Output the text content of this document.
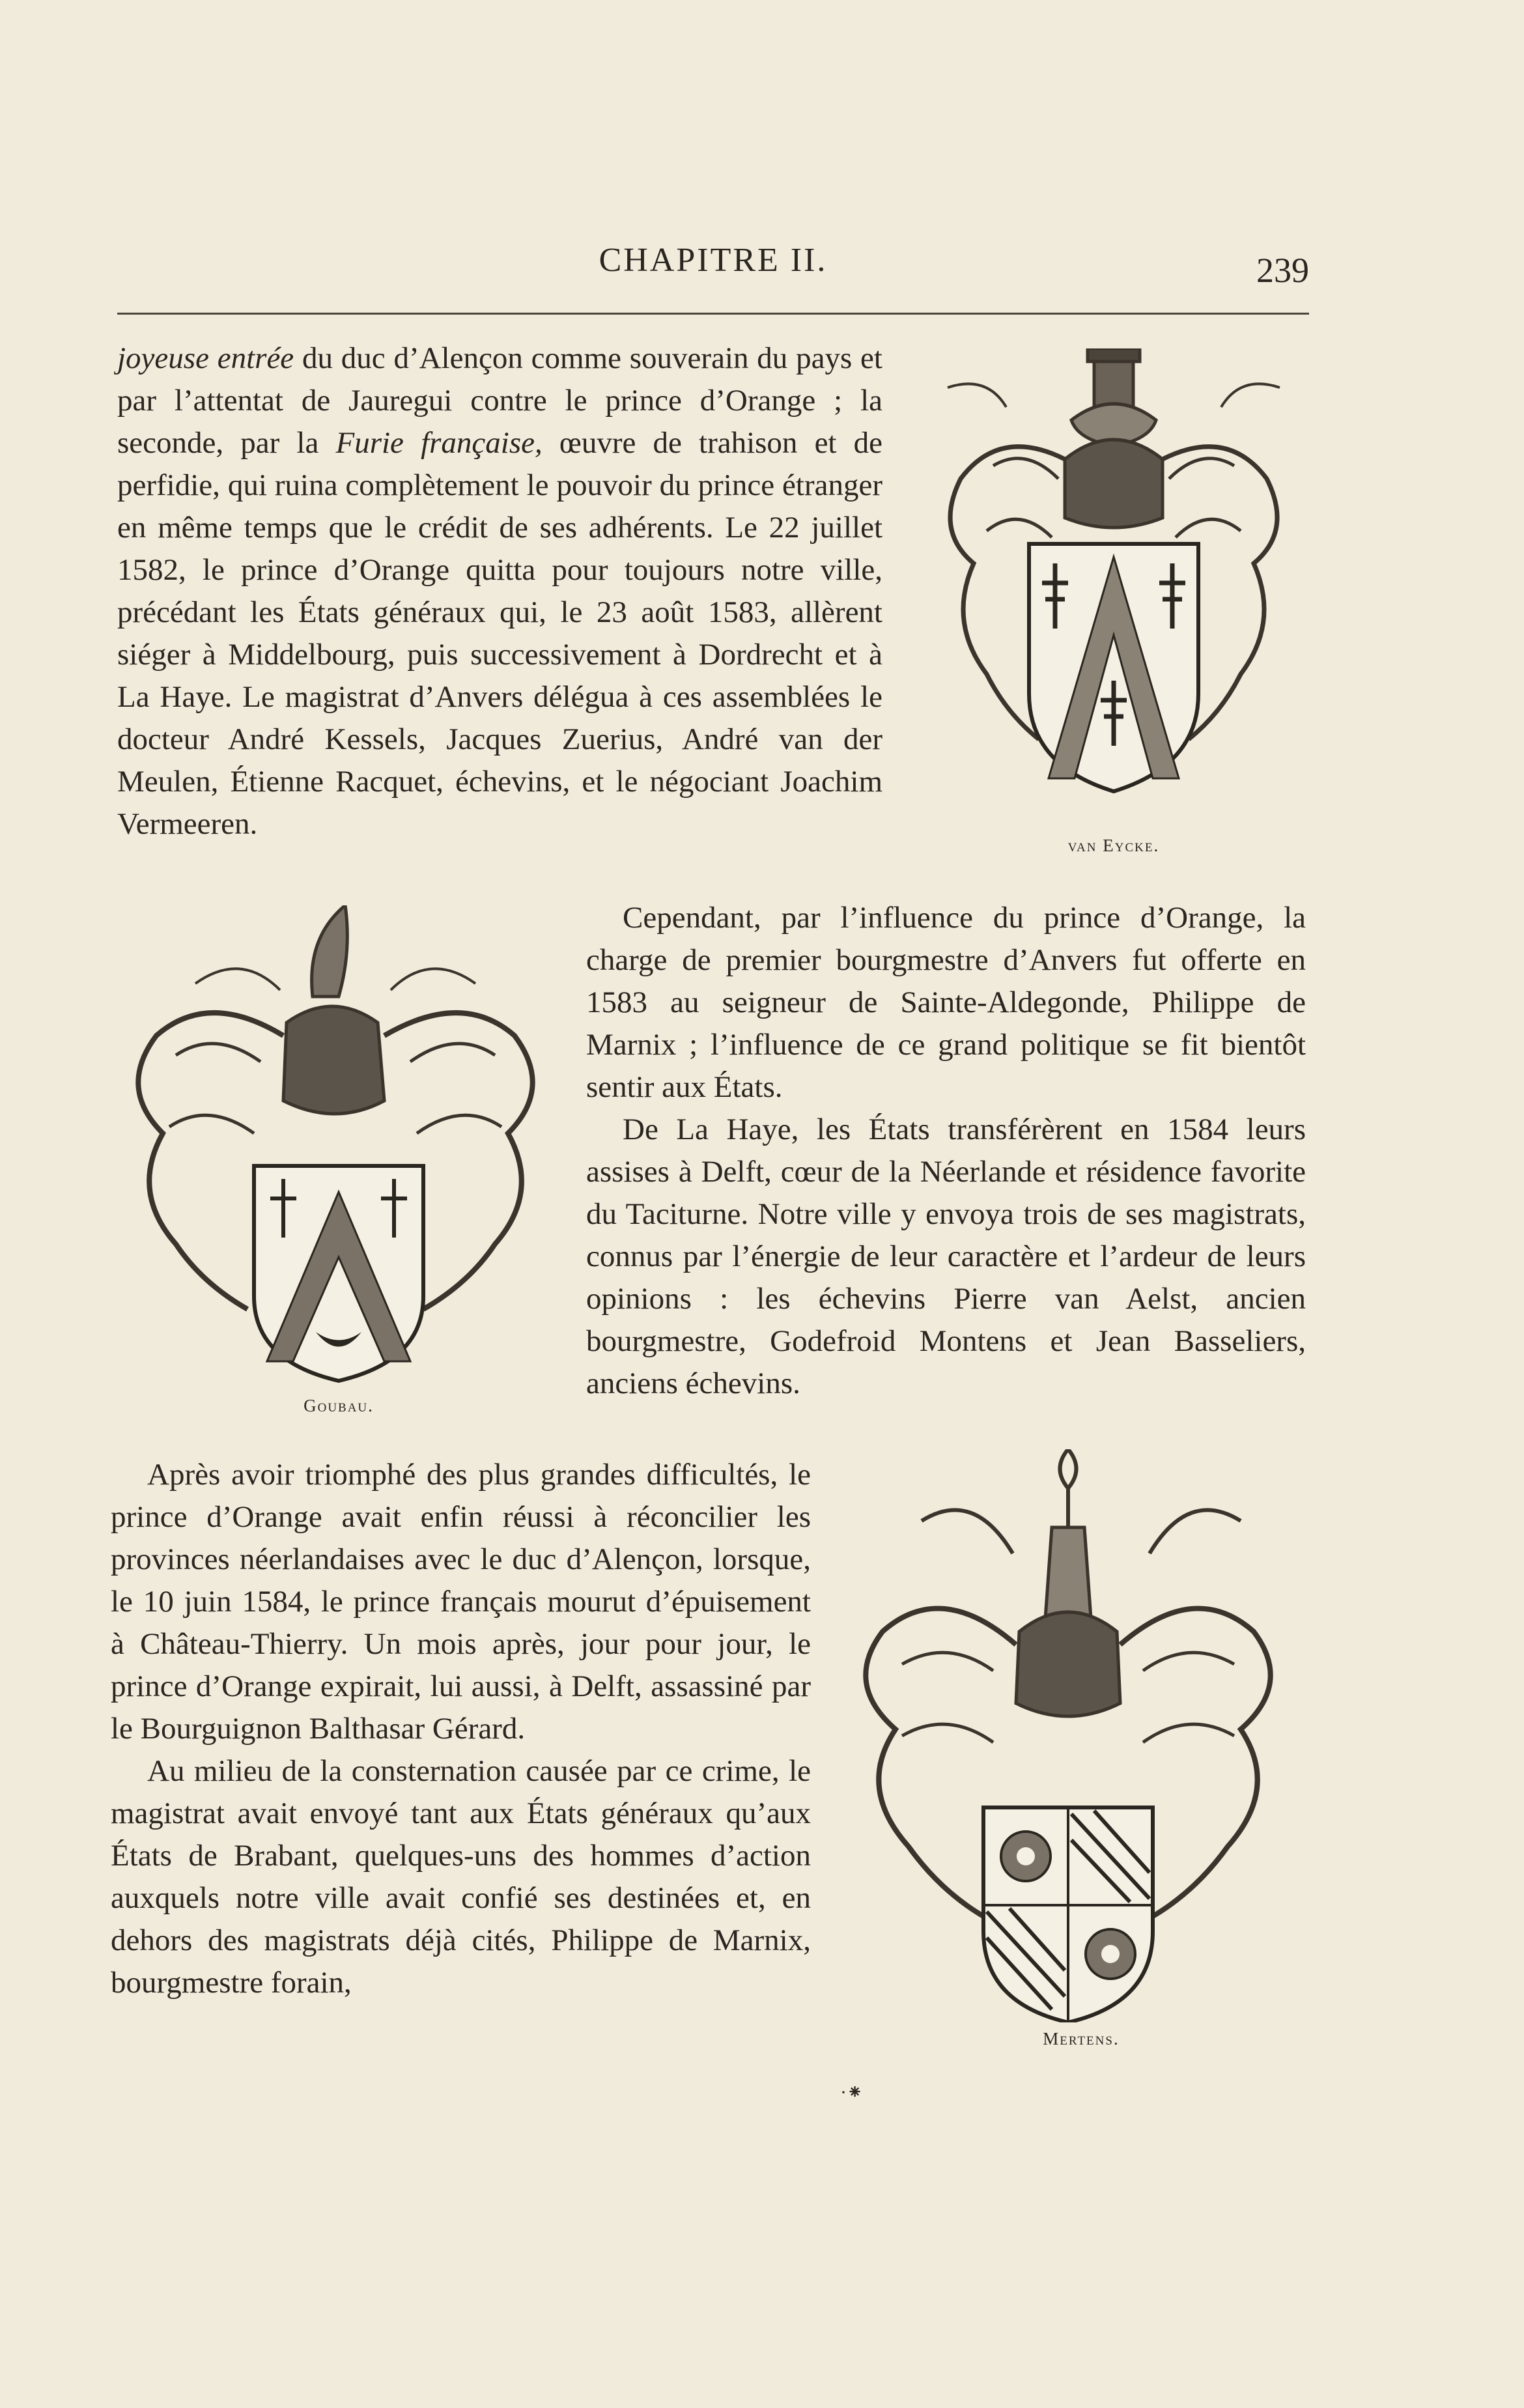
CHAPITRE II.	239

joyeuse entrée du duc d’Alençon comme souverain du pays et par l’attentat de Jauregui contre le prince d’Orange ; la seconde, par la Furie française, œuvre de trahison et de perfidie, qui ruina complètement le pouvoir du prince étranger en même temps que le crédit de ses adhérents. Le 22 juillet 1582, le prince d’Orange quitta pour toujours notre ville, précédant les États généraux qui, le 23 août 1583, allèrent siéger à Middelbourg, puis successivement à Dordrecht et à La Haye. Le magistrat d’Anvers délégua à ces assemblées le docteur André Kessels, Jacques Zuerius, André van der Meulen, Étienne Racquet, échevins, et le négociant Joachim Vermeeren.

van Eycke.
Goubau.

Cependant, par l’influence du prince d’Orange, la charge de premier bourgmestre d’Anvers fut offerte en 1583 au seigneur de Sainte-Aldegonde, Philippe de Marnix ; l’influence de ce grand politique se fit bientôt sentir aux États.

De La Haye, les États transférèrent en 1584 leurs assises à Delft, cœur de la Néerlande et résidence favorite du Taciturne. Notre ville y envoya trois de ses magistrats, connus par l’énergie de leur caractère et l’ardeur de leurs opinions : les échevins Pierre van Aelst, ancien bourgmestre, Godefroid Montens et Jean Basseliers, anciens échevins.

Après avoir triomphé des plus grandes difficultés, le prince d’Orange avait enfin réussi à réconcilier les provinces néerlandaises avec le duc d’Alençon, lorsque, le 10 juin 1584, le prince français mourut d’épuisement à Château-Thierry. Un mois après, jour pour jour, le prince d’Orange expirait, lui aussi, à Delft, assassiné par le Bourguignon Balthasar Gérard.

Au milieu de la consternation causée par ce crime, le magistrat avait envoyé tant aux États généraux qu’aux États de Brabant, quelques-uns des hommes d’action auxquels notre ville avait confié ses destinées et, en dehors des magistrats déjà cités, Philippe de Marnix, bourgmestre forain,

Mertens.
·⁕
